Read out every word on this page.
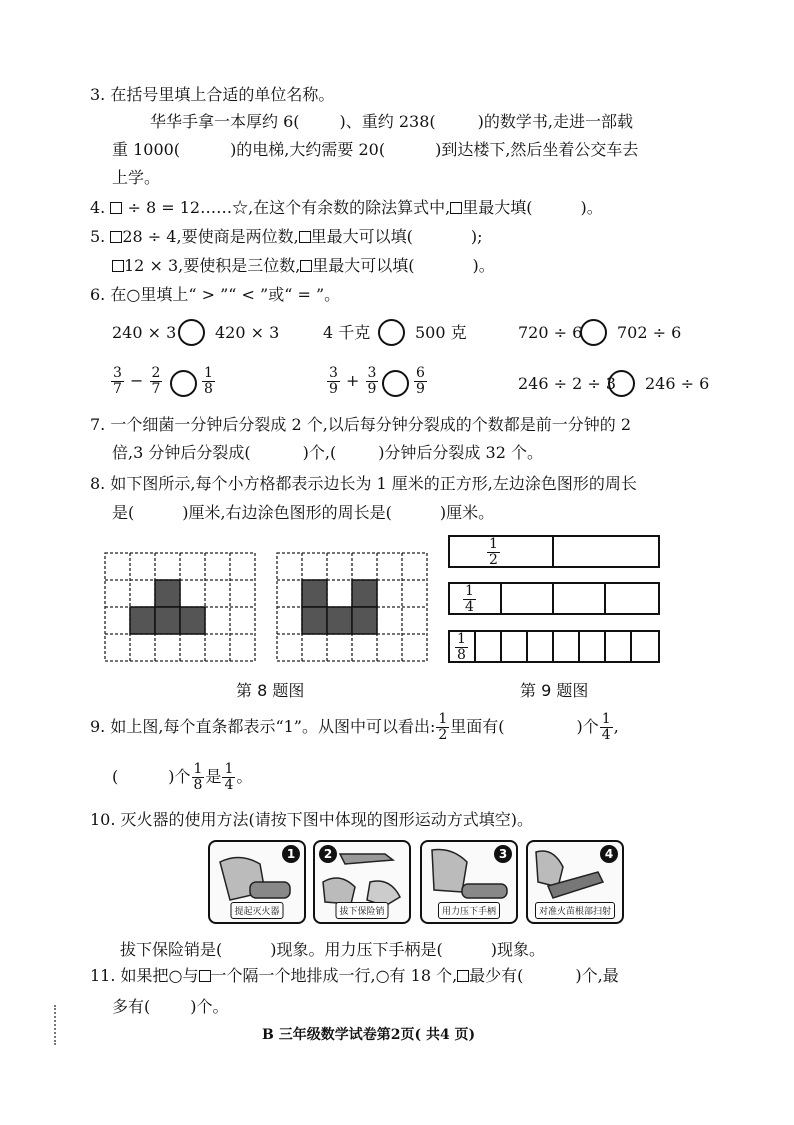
3. 在括号里填上合适的单位名称。
华华手拿一本厚约 6(	)、重约 238(	)的数学书,走进一部载
重 1000(	)的电梯,大约需要 20(	)到达楼下,然后坐着公交车去
上学。
4. ÷ 8 = 12……☆,在这个有余数的除法算式中, 里最大填(	)。
5. 28 ÷ 4,要使商是两位数, 里最大可以填(	);
12 × 3,要使积是三位数, 里最大可以填(	)。
6. 在○里填上“ > ”“ < ”或“ = ”。
240 × 3 420 × 3	4 千克	500 克	720 ÷ 6 702 ÷ 6
$\frac{3}{7} - \frac{2}{7}$	$\frac{1}{8}$	$\frac{3}{9} + \frac{3}{9}$	$\frac{6}{9}$	246 ÷ 2 ÷ 3 246 ÷ 6
7. 一个细菌一分钟后分裂成 2 个,以后每分钟分裂成的个数都是前一分钟的 2
倍,3 分钟后分裂成(	)个,(	)分钟后分裂成 32 个。
8. 如下图所示,每个小方格都表示边长为 1 厘米的正方形,左边涂色图形的周长
是(	)厘米,右边涂色图形的周长是(	)厘米。
第 8 题图
$\frac{1}{2}$
$\frac{1}{4}$
$\frac{1}{8}$
第 9 题图
9. 如上图,每个直条都表示“1”。从图中可以看出: $\frac{1}{2}$ 里面有(	)个 $\frac{1}{4}$ ,
(	)个 $\frac{1}{8}$ 是 $\frac{1}{4}$ 。
10. 灭火器的使用方法(请按下图中体现的图形运动方式填空)。
1
提起灭火器
2
拔下保险销
3
用力压下手柄
4
对准火苗根部扫射
拔下保险销是(	)现象。用力压下手柄是(	)现象。
11. 如果把○与 一个隔一个地排成一行,○有 18 个, 最少有(	)个,最
多有(	)个。
B 三年级数学试卷第2页( 共4 页)
